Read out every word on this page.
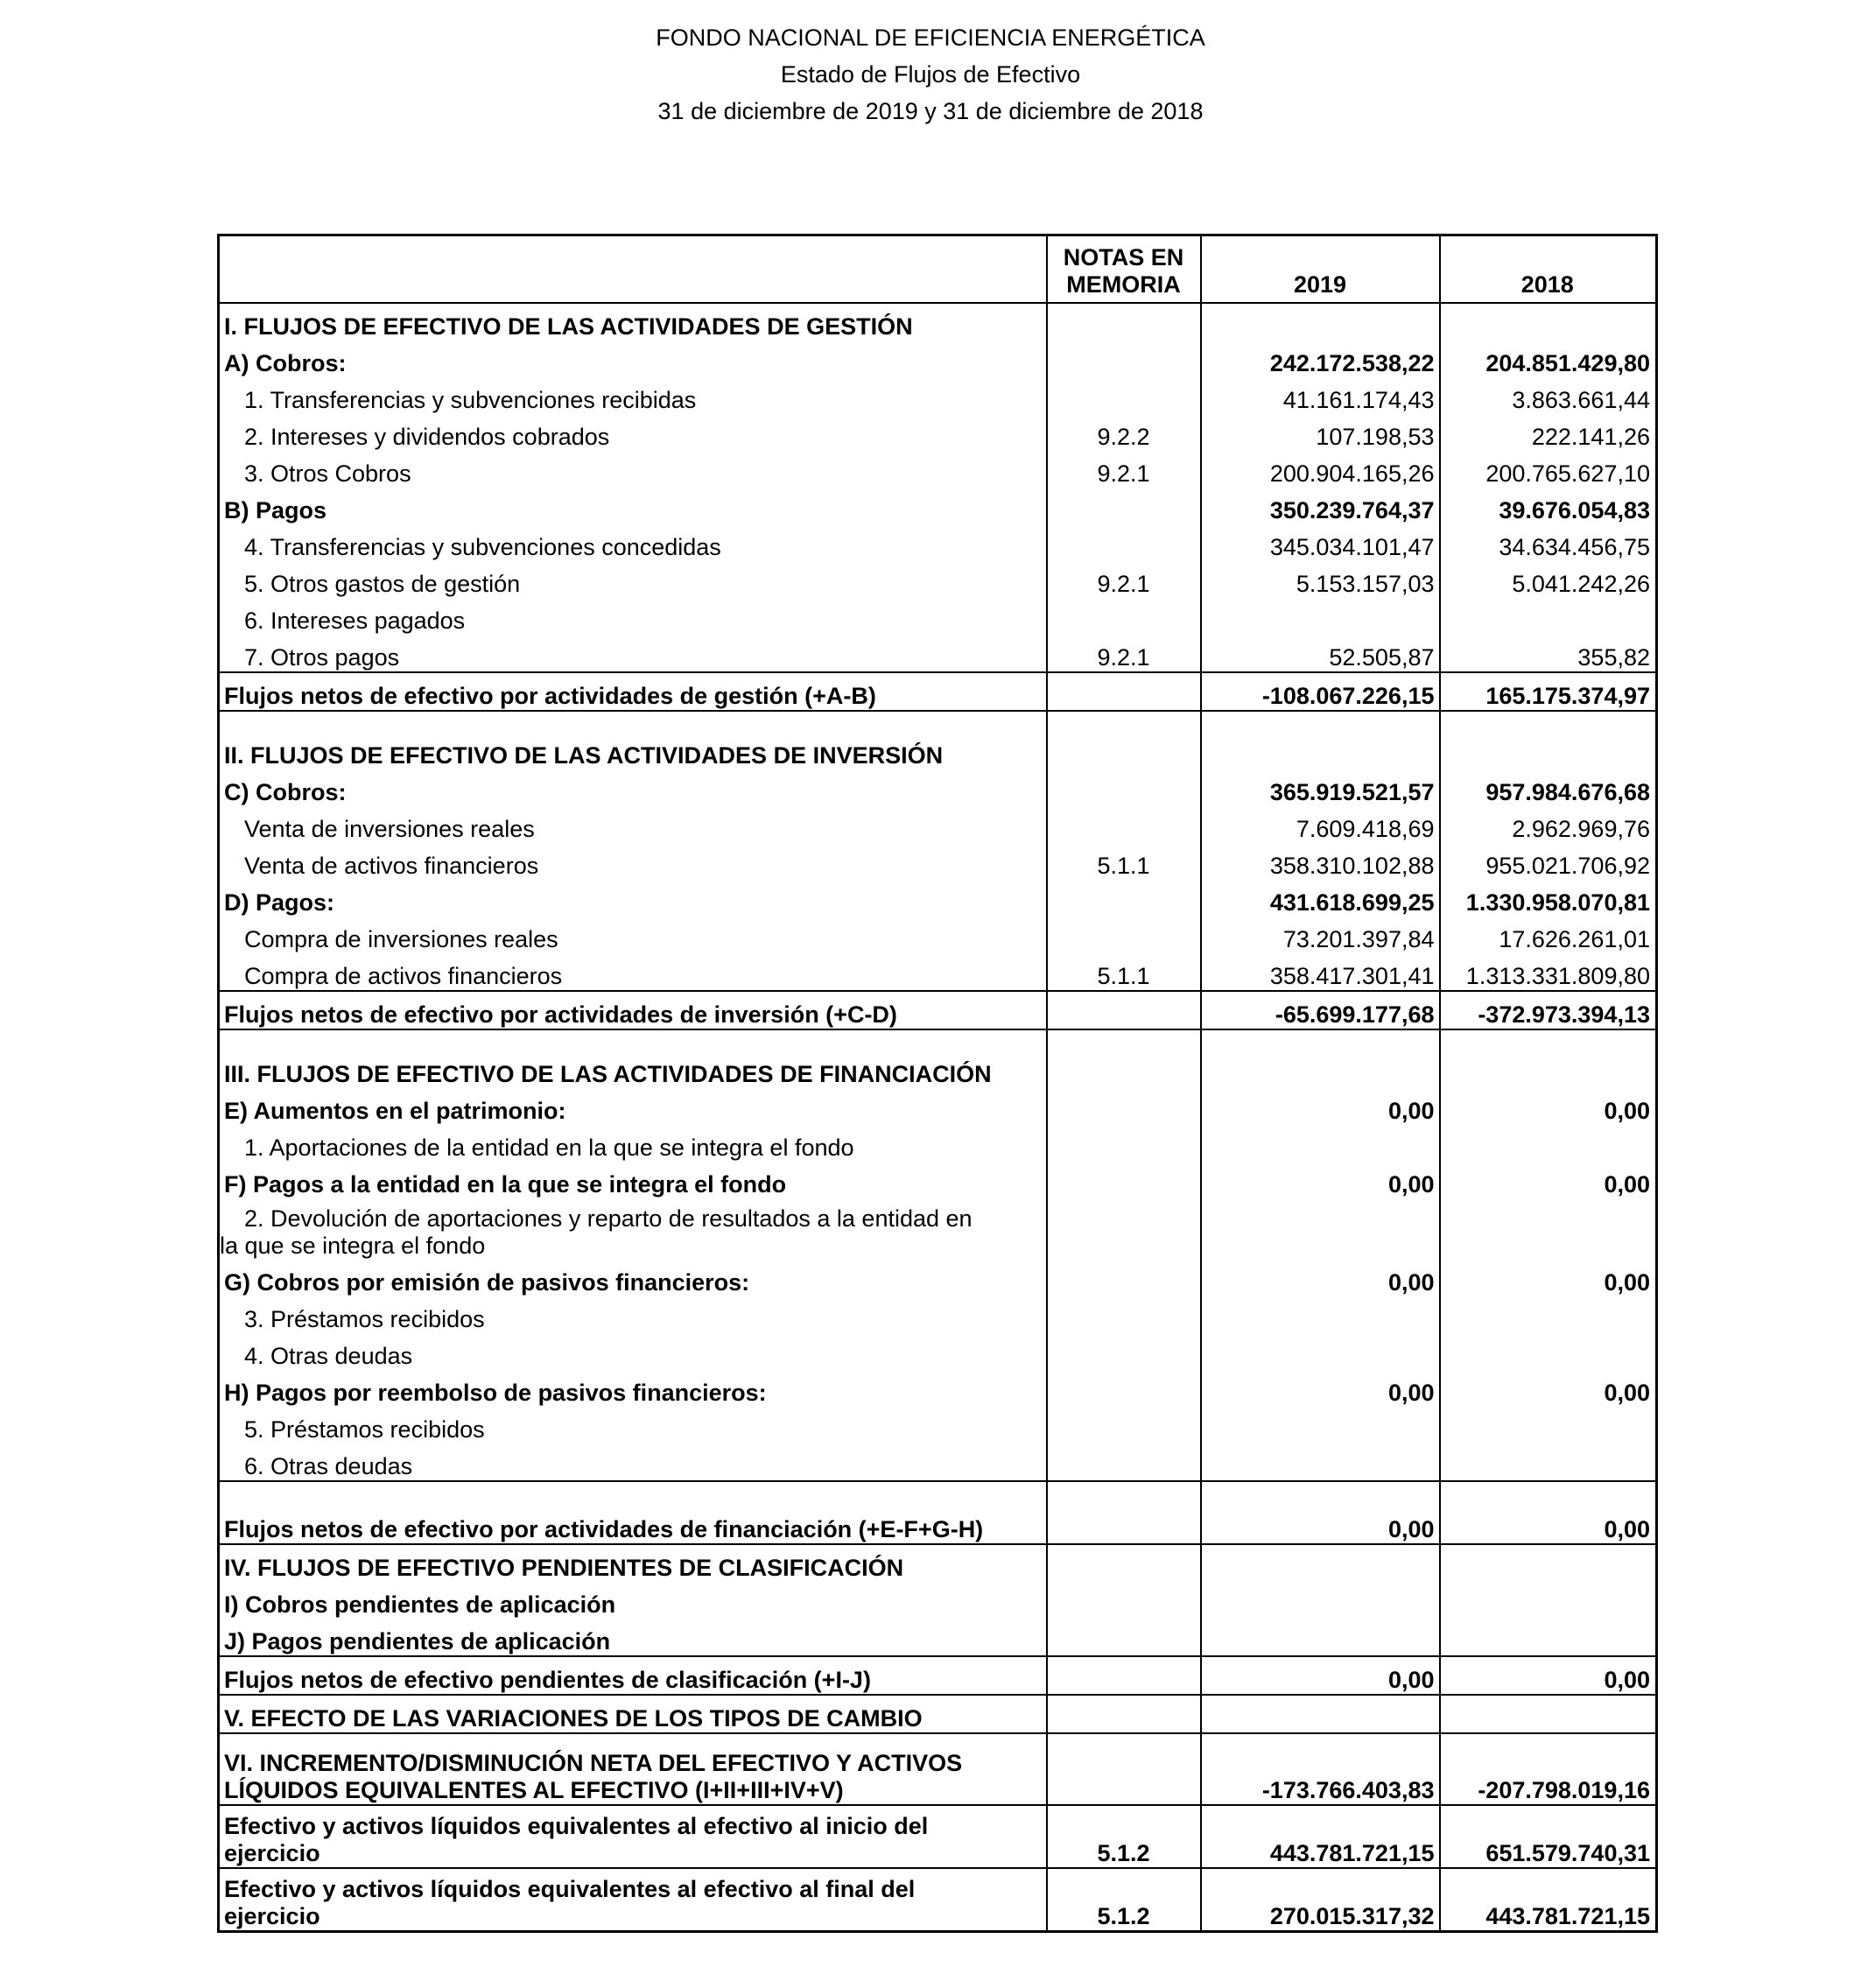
FONDO NACIONAL DE EFICIENCIA ENERGÉTICA
Estado de Flujos de Efectivo
31 de diciembre de 2019 y 31 de diciembre de 2018
	NOTAS EN MEMORIA	2019	2018
I. FLUJOS DE EFECTIVO DE LAS ACTIVIDADES DE GESTIÓN			
A) Cobros:		242.172.538,22	204.851.429,80
1. Transferencias y subvenciones recibidas		41.161.174,43	3.863.661,44
2. Intereses y dividendos cobrados	9.2.2	107.198,53	222.141,26
3. Otros Cobros	9.2.1	200.904.165,26	200.765.627,10
B) Pagos		350.239.764,37	39.676.054,83
4. Transferencias y subvenciones concedidas		345.034.101,47	34.634.456,75
5. Otros gastos de gestión	9.2.1	5.153.157,03	5.041.242,26
6. Intereses pagados			
7. Otros pagos	9.2.1	52.505,87	355,82
Flujos netos de efectivo por actividades de gestión (+A-B)		-108.067.226,15	165.175.374,97

II. FLUJOS DE EFECTIVO DE LAS ACTIVIDADES DE INVERSIÓN			
C) Cobros:		365.919.521,57	957.984.676,68
Venta de inversiones reales		7.609.418,69	2.962.969,76
Venta de activos financieros	5.1.1	358.310.102,88	955.021.706,92
D) Pagos:		431.618.699,25	1.330.958.070,81
Compra de inversiones reales		73.201.397,84	17.626.261,01
Compra de activos financieros	5.1.1	358.417.301,41	1.313.331.809,80
Flujos netos de efectivo por actividades de inversión (+C-D)		-65.699.177,68	-372.973.394,13

III. FLUJOS DE EFECTIVO DE LAS ACTIVIDADES DE FINANCIACIÓN			
E) Aumentos en el patrimonio:		0,00	0,00
1. Aportaciones de la entidad en la que se integra el fondo			
F) Pagos a la entidad en la que se integra el fondo		0,00	0,00

2. Devolución de aportaciones y reparto de resultados a la entidad en
la que se integra el fondo			

G) Cobros por emisión de pasivos financieros:		0,00	0,00
3. Préstamos recibidos			
4. Otras deudas			
H) Pagos por reembolso de pasivos financieros:		0,00	0,00
5. Préstamos recibidos			
6. Otras deudas			
Flujos netos de efectivo por actividades de financiación (+E-F+G-H)		0,00	0,00
IV. FLUJOS DE EFECTIVO PENDIENTES DE CLASIFICACIÓN			
I) Cobros pendientes de aplicación			
J) Pagos pendientes de aplicación			
Flujos netos de efectivo pendientes de clasificación (+I-J)		0,00	0,00
V. EFECTO DE LAS VARIACIONES DE LOS TIPOS DE CAMBIO			

VI. INCREMENTO/DISMINUCIÓN NETA DEL EFECTIVO Y ACTIVOS
LÍQUIDOS EQUIVALENTES AL EFECTIVO (I+II+III+IV+V)		-173.766.403,83	-207.798.019,16

Efectivo y activos líquidos equivalentes al efectivo al inicio del
ejercicio	5.1.2	443.781.721,15	651.579.740,31

Efectivo y activos líquidos equivalentes al efectivo al final del
ejercicio	5.1.2	270.015.317,32	443.781.721,15
